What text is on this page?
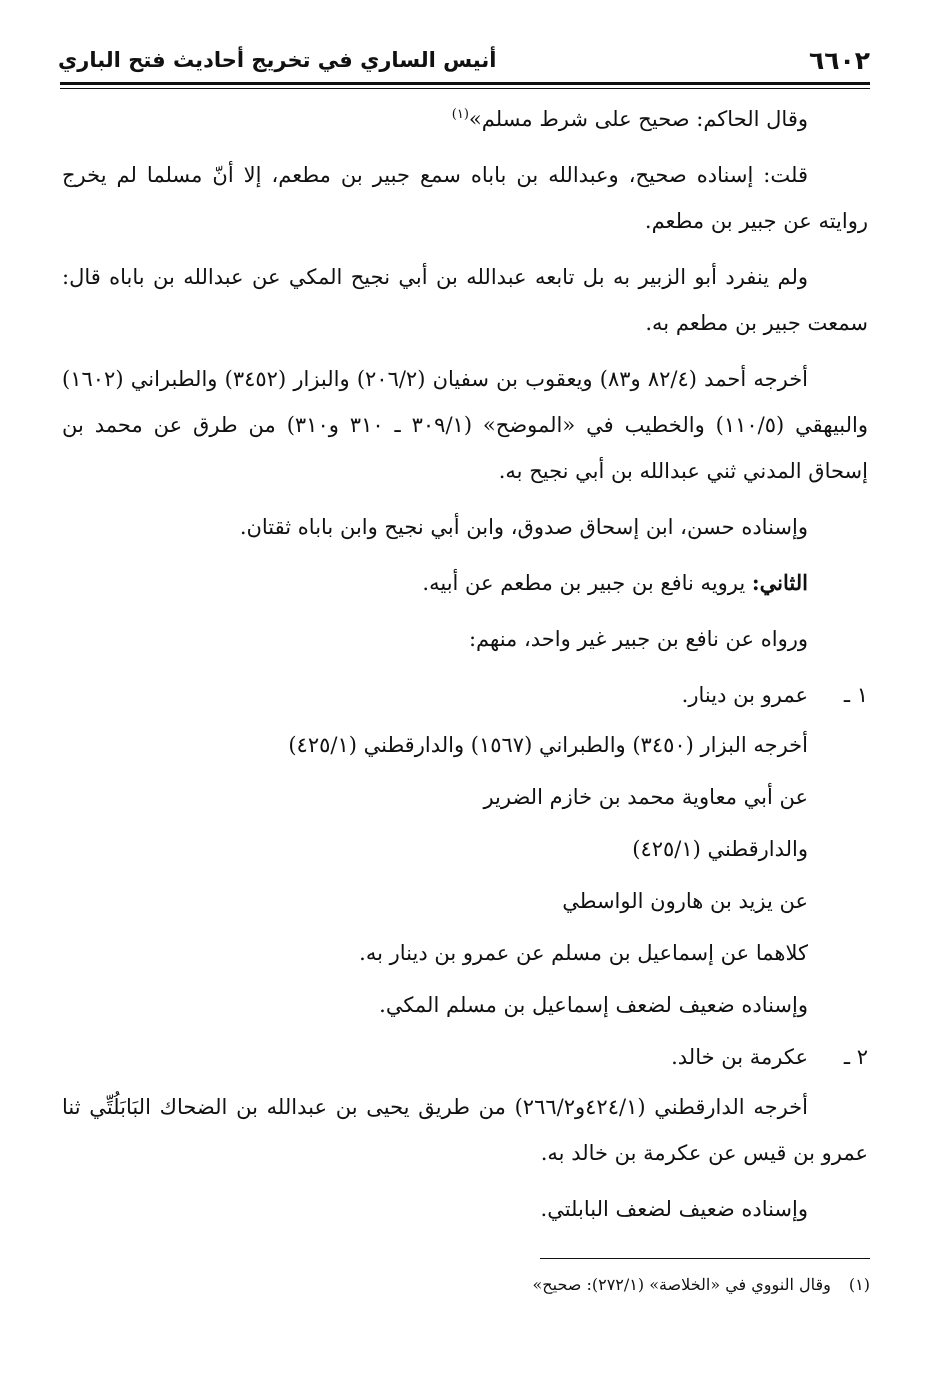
٦٦٠٢
أنيس الساري في تخريج أحاديث فتح الباري

وقال الحاكم: صحيح على شرط مسلم»$^{(١)}$

قلت: إسناده صحيح، وعبدالله بن باباه سمع جبير بن مطعم، إلا أنّ مسلما لم يخرج روايته عن جبير بن مطعم.

ولم ينفرد أبو الزبير به بل تابعه عبدالله بن أبي نجيح المكي عن عبدالله بن باباه قال: سمعت جبير بن مطعم به.

أخرجه أحمد (٨٢/٤ و٨٣) ويعقوب بن سفيان (٢٠٦/٢) والبزار (٣٤٥٢) والطبراني (١٦٠٢) والبيهقي (١١٠/٥) والخطيب في «الموضح» (٣٠٩/١ ـ ٣١٠ و٣١٠) من طرق عن محمد بن إسحاق المدني ثني عبدالله بن أبي نجيح به.

وإسناده حسن، ابن إسحاق صدوق، وابن أبي نجيح وابن باباه ثقتان.

الثاني: يرويه نافع بن جبير بن مطعم عن أبيه.

ورواه عن نافع بن جبير غير واحد، منهم:

١ ـ
عمرو بن دينار.

أخرجه البزار (٣٤٥٠) والطبراني (١٥٦٧) والدارقطني (٤٢٥/١)

عن أبي معاوية محمد بن خازم الضرير

والدارقطني (٤٢٥/١)

عن يزيد بن هارون الواسطي

كلاهما عن إسماعيل بن مسلم عن عمرو بن دينار به.

وإسناده ضعيف لضعف إسماعيل بن مسلم المكي.

٢ ـ
عكرمة بن خالد.

أخرجه الدارقطني (٤٢٤/١و٢٦٦/٢) من طريق يحيى بن عبدالله بن الضحاك البَابَلُتِّي ثنا عمرو بن قيس عن عكرمة بن خالد به.

وإسناده ضعيف لضعف البابلتي.

(١)وقال النووي في «الخلاصة» (٢٧٢/١): صحيح»
